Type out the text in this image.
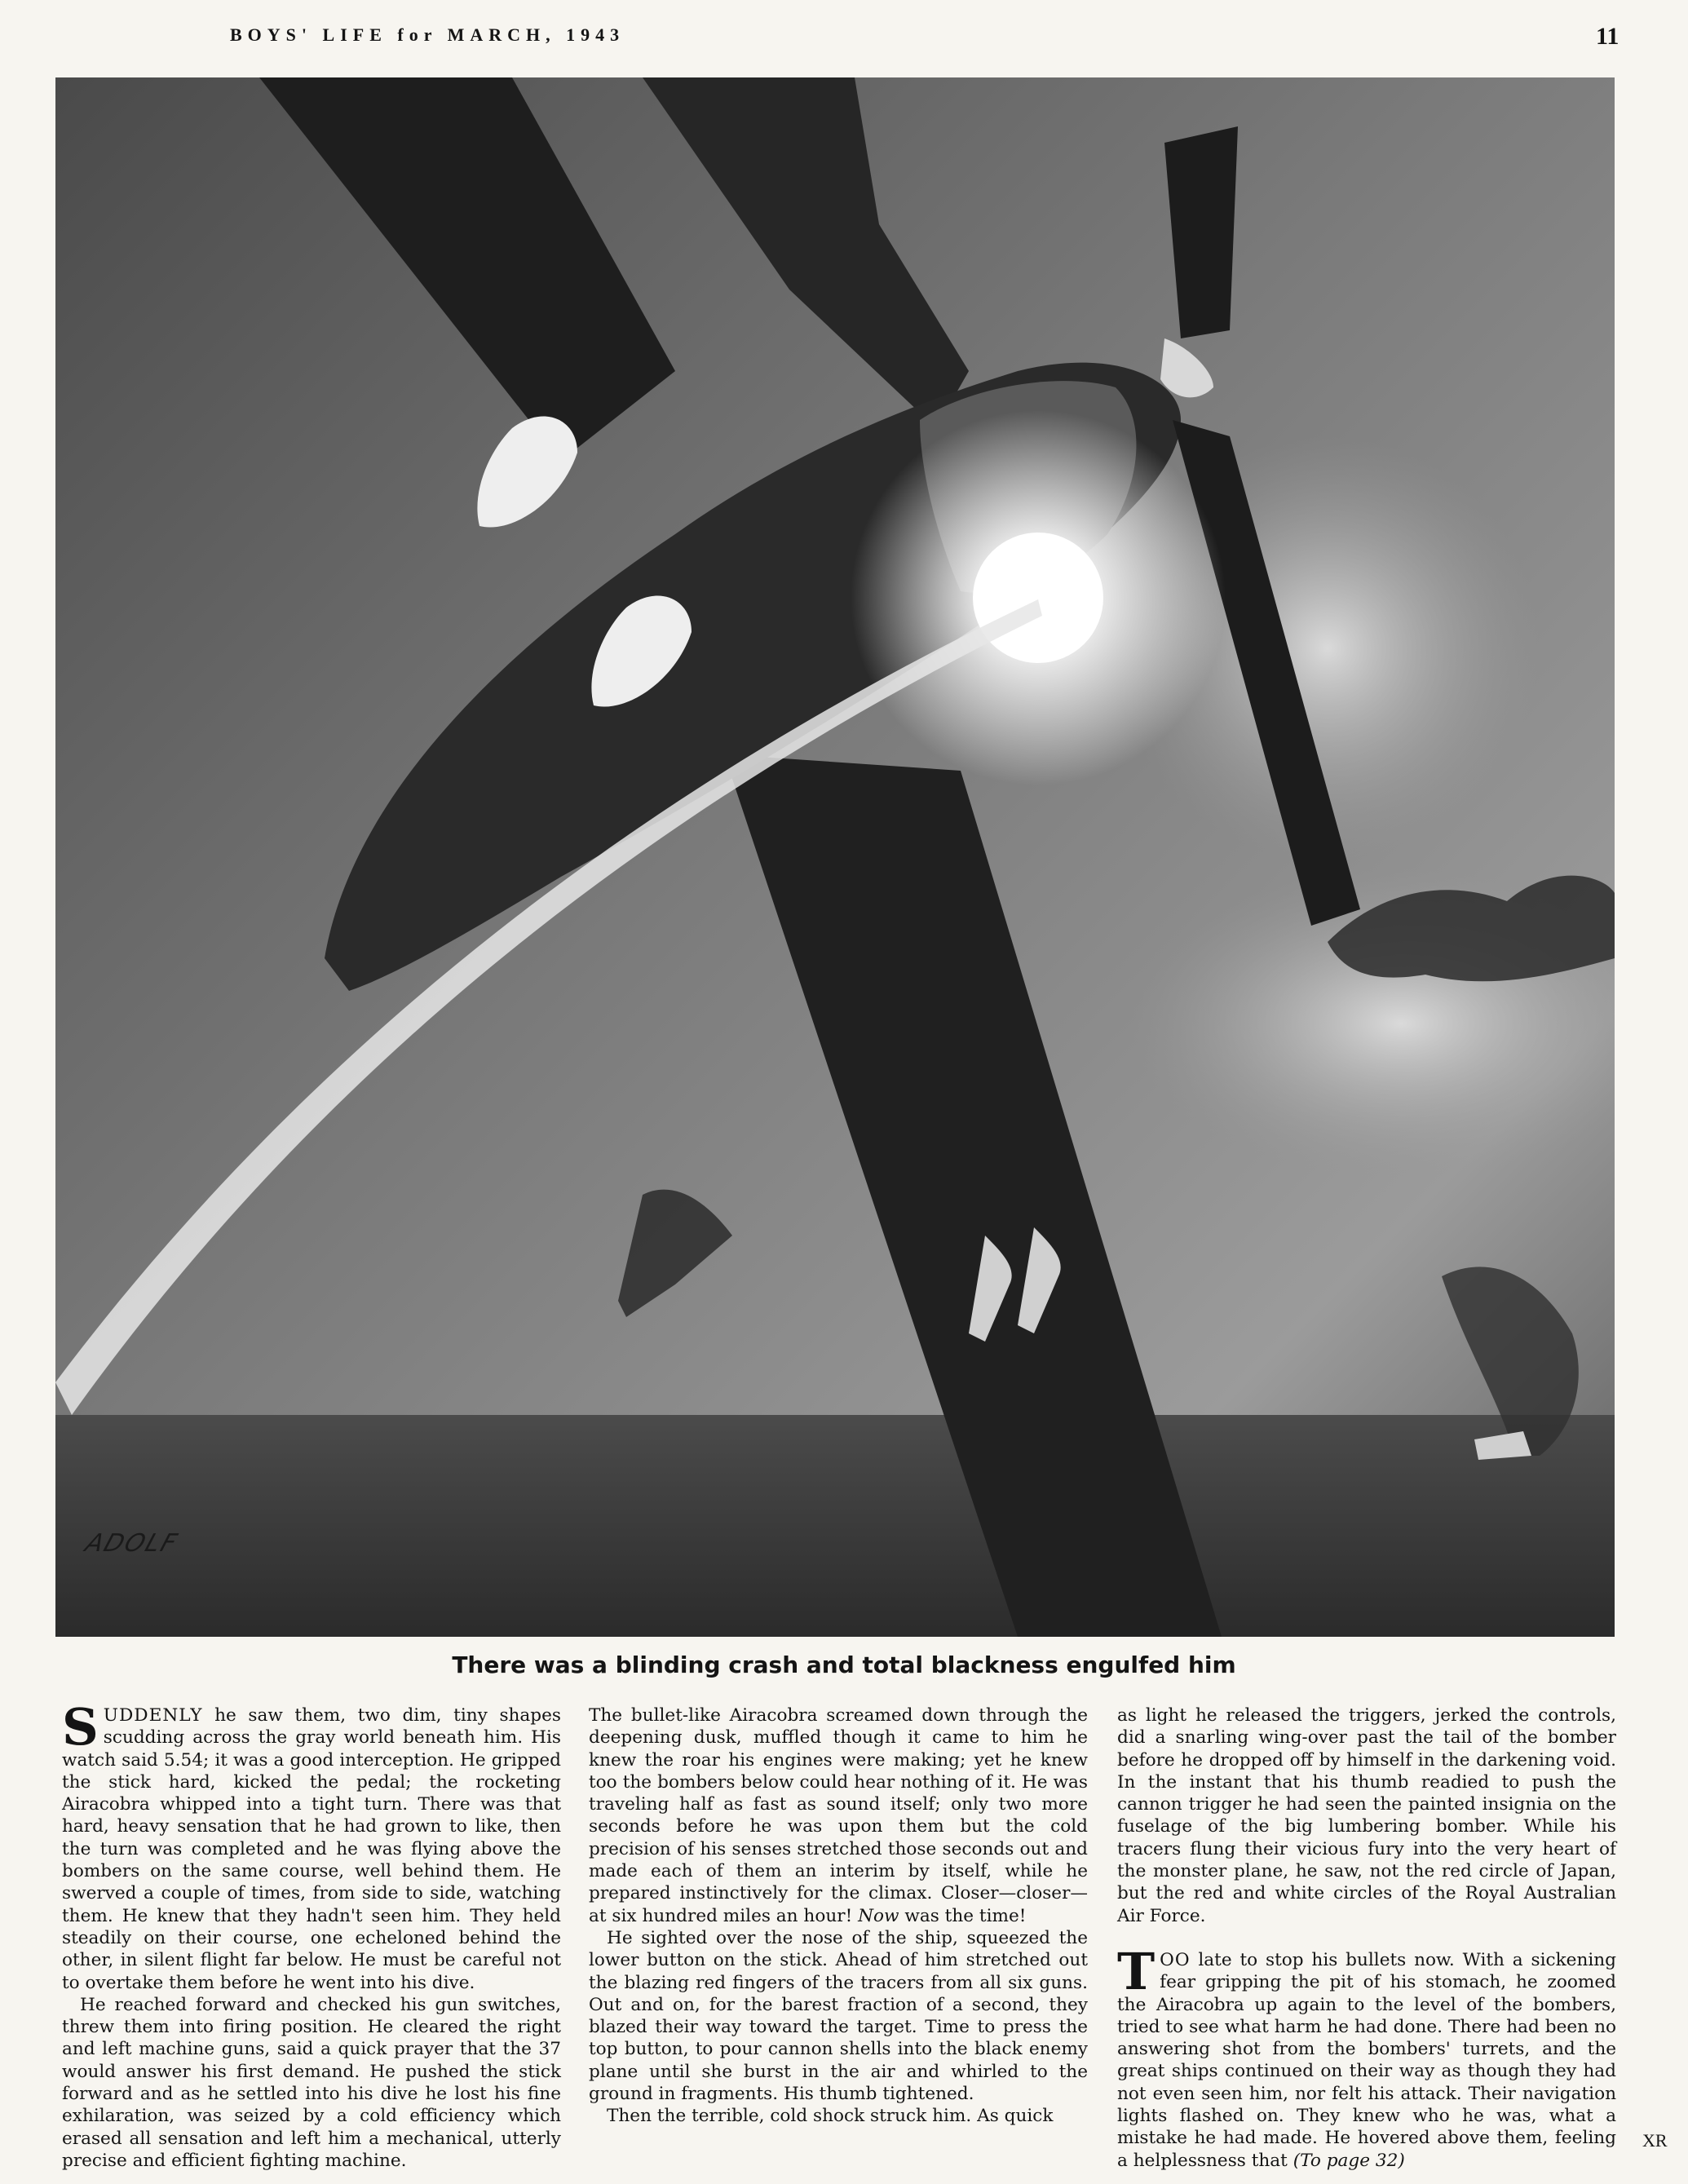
BOYS' LIFE for MARCH, 1943	11
ADOLF
There was a blinding crash and total blackness engulfed him

SUDDENLY he saw them, two dim, tiny shapes scudding across the gray world beneath him. His watch said 5.54; it was a good interception. He gripped the stick hard, kicked the pedal; the rocketing Airacobra whipped into a tight turn. There was that hard, heavy sensation that he had grown to like, then the turn was completed and he was flying above the bombers on the same course, well behind them. He swerved a couple of times, from side to side, watching them. He knew that they hadn't seen him. They held steadily on their course, one echeloned behind the other, in silent flight far below. He must be careful not to overtake them before he went into his dive.

He reached forward and checked his gun switches, threw them into firing position. He cleared the right and left machine guns, said a quick prayer that the 37 would answer his first demand. He pushed the stick forward and as he settled into his dive he lost his fine exhilaration, was seized by a cold efficiency which erased all sensation and left him a mechanical, utterly precise and efficient fighting machine.

The bullet-like Airacobra screamed down through the deepening dusk, muffled though it came to him he knew the roar his engines were making; yet he knew too the bombers below could hear nothing of it. He was traveling half as fast as sound itself; only two more seconds before he was upon them but the cold precision of his senses stretched those seconds out and made each of them an interim by itself, while he prepared instinctively for the climax. Closer—closer—at six hundred miles an hour! Now was the time!

He sighted over the nose of the ship, squeezed the lower button on the stick. Ahead of him stretched out the blazing red fingers of the tracers from all six guns. Out and on, for the barest fraction of a second, they blazed their way toward the target. Time to press the top button, to pour cannon shells into the black enemy plane until she burst in the air and whirled to the ground in fragments. His thumb tightened.

Then the terrible, cold shock struck him. As quick

as light he released the triggers, jerked the controls, did a snarling wing-over past the tail of the bomber before he dropped off by himself in the darkening void. In the instant that his thumb readied to push the cannon trigger he had seen the painted insignia on the fuselage of the big lumbering bomber. While his tracers flung their vicious fury into the very heart of the monster plane, he saw, not the red circle of Japan, but the red and white circles of the Royal Australian Air Force.

TOO late to stop his bullets now. With a sickening fear gripping the pit of his stomach, he zoomed the Airacobra up again to the level of the bombers, tried to see what harm he had done. There had been no answering shot from the bombers' turrets, and the great ships continued on their way as though they had not even seen him, nor felt his attack. Their navigation lights flashed on. They knew who he was, what a mistake he had made. He hovered above them, feeling a helplessness that (To page 32)

XR
